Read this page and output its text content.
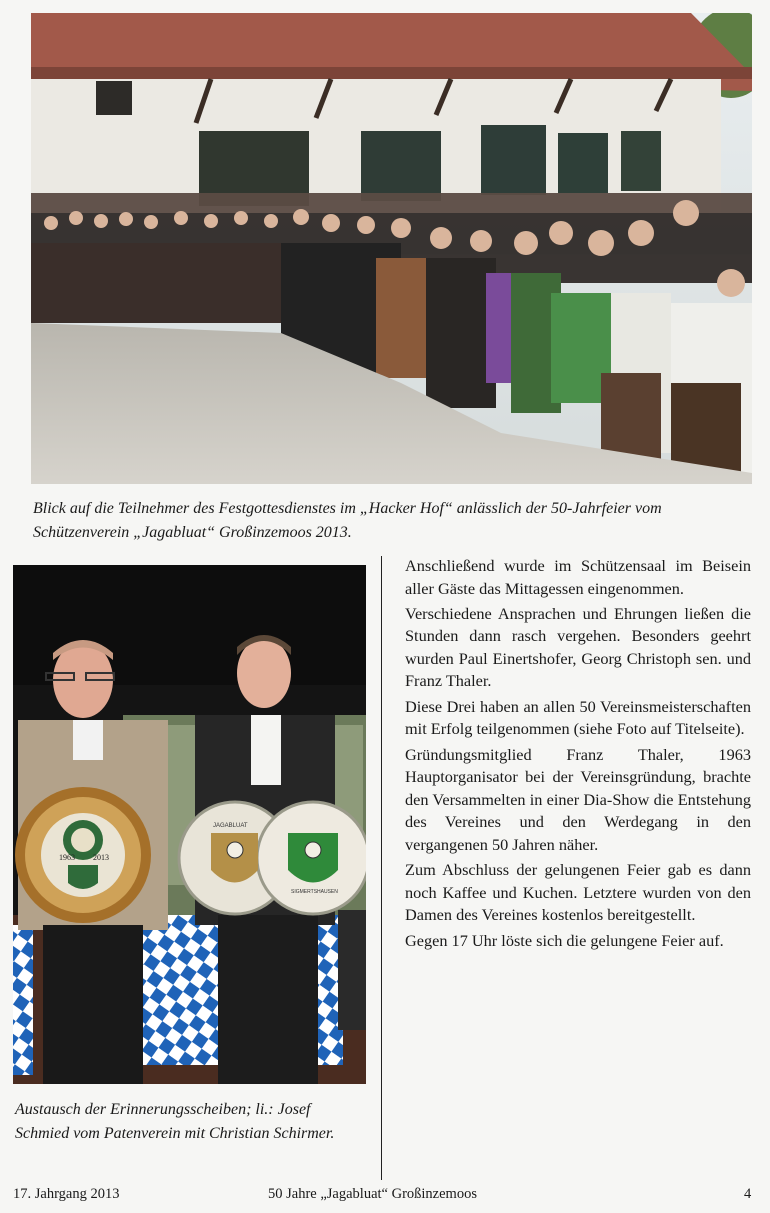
Blick auf die Teilnehmer des Festgottesdienstes im „Hacker Hof“ anlässlich der 50-Jahrfeier vom Schützenverein „Jagabluat“ Großinzemoos 2013.

1963 2013
JAGABLUAT
SIGMERTSHAUSEN

Austausch der Erinnerungsscheiben; li.: Josef Schmied vom Patenverein mit Christian Schirmer.

Anschließend wurde im Schützensaal im Beisein aller Gäste das Mittagessen eingenommen.

Verschiedene Ansprachen und Ehrungen ließen die Stunden dann rasch vergehen. Besonders geehrt wurden Paul Einertshofer, Georg Christoph sen. und Franz Thaler.

Diese Drei haben an allen 50 Vereinsmeisterschaften mit Erfolg teilgenommen (siehe Foto auf Titelseite).

Gründungsmitglied Franz Thaler, 1963 Hauptorganisator bei der Vereinsgründung, brachte den Versammelten in einer Dia-Show die Entstehung des Vereines und den Werdegang in den vergangenen 50 Jahren näher.

Zum Abschluss der gelungenen Feier gab es dann noch Kaffee und Kuchen. Letztere wurden von den Damen des Vereines kostenlos bereitgestellt.

Gegen 17 Uhr löste sich die gelungene Feier auf.

17. Jahrgang 2013	50 Jahre „Jagabluat“ Großinzemoos	4
